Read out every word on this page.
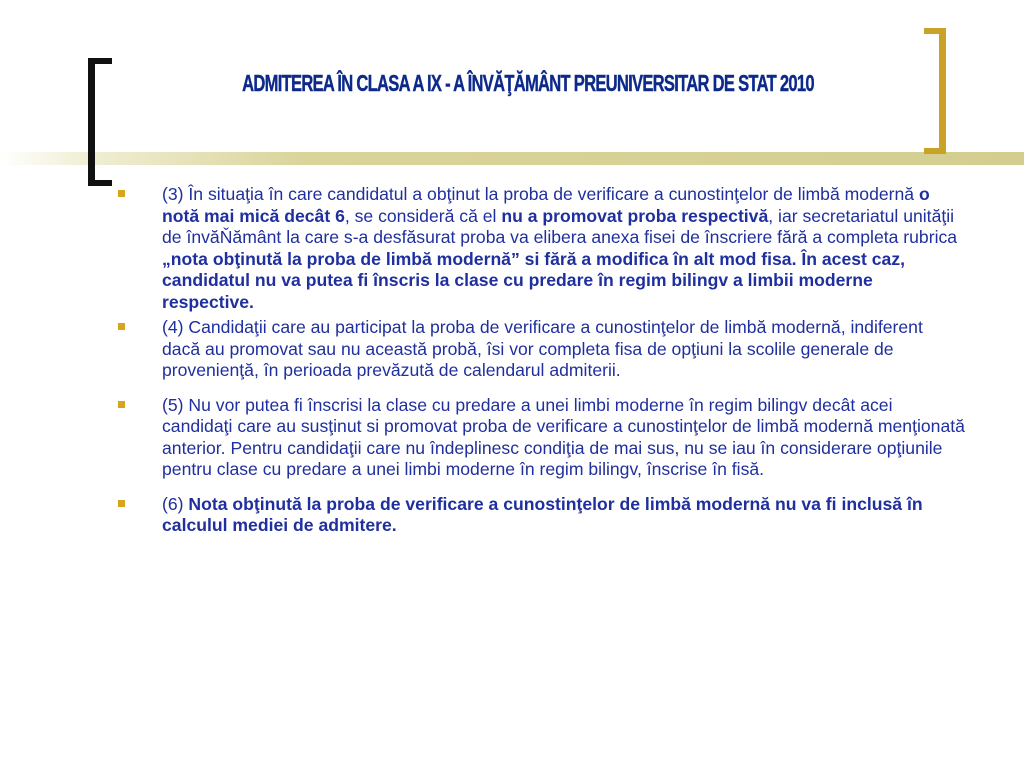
ADMITEREA ÎN CLASA A IX - A ÎNVĂŢĂMÂNT PREUNIVERSITAR DE STAT 2010
(3) În situaţia în care candidatul a obţinut la proba de verificare a cunostinţelor de limbă modernă o notă mai mică decât 6, se consideră că el nu a promovat proba respectivă, iar secretariatul unităţii de învăŇământ la care s-a desfăsurat proba va elibera anexa fisei de înscriere fără a completa rubrica „nota obţinută la proba de limbă modernă” si fără a modifica în alt mod fisa. În acest caz, candidatul nu va putea fi înscris la clase cu predare în regim bilingv a limbii moderne respective.
(4) Candidaţii care au participat la proba de verificare a cunostinţelor de limbă modernă, indiferent dacă au promovat sau nu această probă, îsi vor completa fisa de opţiuni la scolile generale de provenienţă, în perioada prevăzută de calendarul admiterii.
(5) Nu vor putea fi înscrisi la clase cu predare a unei limbi moderne în regim bilingv decât acei candidaţi care au susţinut si promovat proba de verificare a cunostinţelor de limbă modernă menţionată anterior. Pentru candidaţii care nu îndeplinesc condiţia de mai sus, nu se iau în considerare opţiunile pentru clase cu predare a unei limbi moderne în regim bilingv, înscrise în fisă.
(6) Nota obţinută la proba de verificare a cunostinţelor de limbă modernă nu va fi inclusă în calculul mediei de admitere.
